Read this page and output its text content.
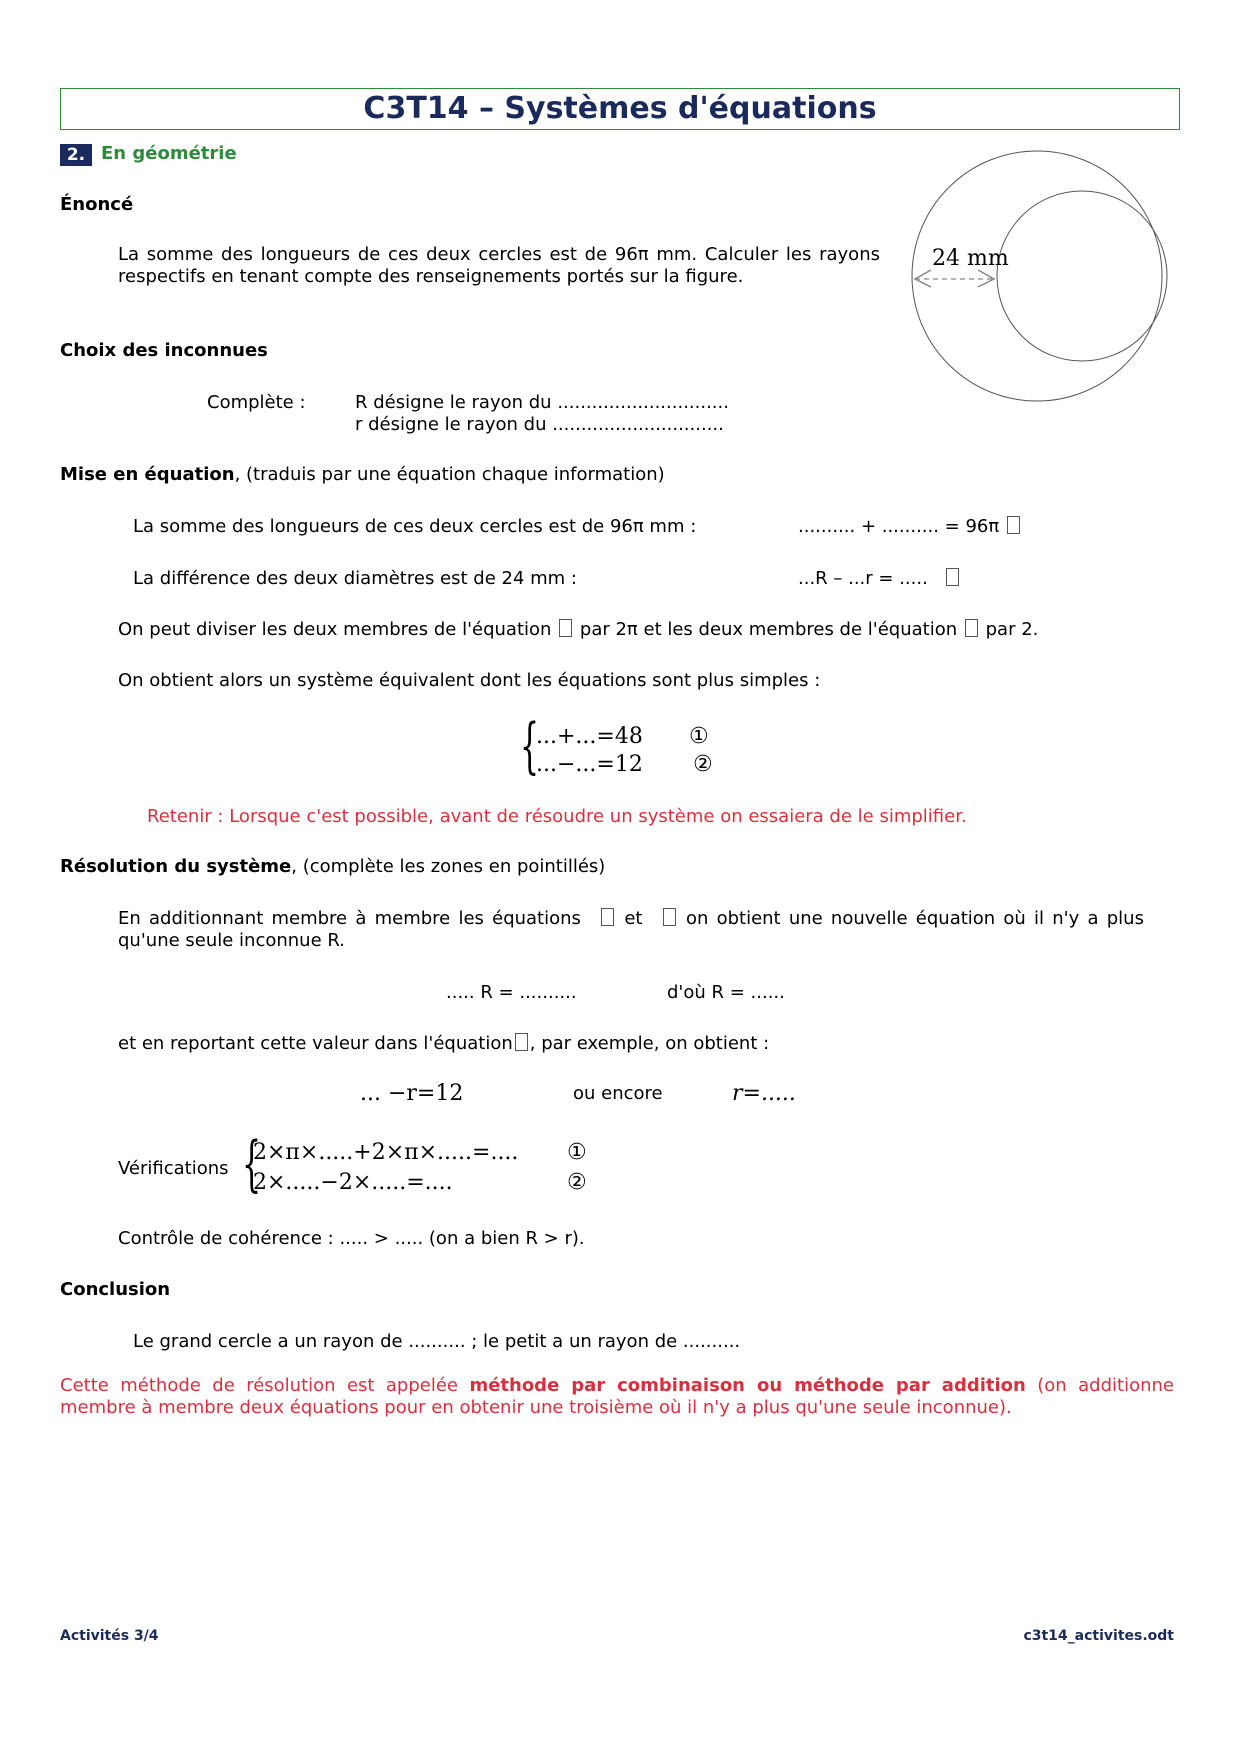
C3T14 – Systèmes d'équations
2. En géométrie
Énoncé
La somme des longueurs de ces deux cercles est de 96π mm. Calculer les rayons respectifs en tenant compte des renseignements portés sur la figure.
24 mm
Choix des inconnues
Complète :	R désigne le rayon du ..............................
r désigne le rayon du ..............................
Mise en équation, (traduis par une équation chaque information)
La somme des longueurs de ces deux cercles est de 96π mm :	.......... + .......... = 96π
La différence des deux diamètres est de 24 mm :	...R – ...r = .....
On peut diviser les deux membres de l'équation par 2π et les deux membres de l'équation par 2.
On obtient alors un système équivalent dont les équations sont plus simples :
{
...+...=48
...−...=12
①
②
Retenir : Lorsque c'est possible, avant de résoudre un système on essaiera de le simplifier.
Résolution du système, (complète les zones en pointillés)
En additionnant membre à membre les équations et on obtient une nouvelle équation où il n'y a plus qu'une seule inconnue R.
..... R = ..........	d'où R = ......
et en reportant cette valeur dans l'équation , par exemple, on obtient :
... −r=12	ou encore	r=.....
Vérifications {
2×π×.....+2×π×.....=....
2×.....−2×.....=....
①
②
Contrôle de cohérence : ..... > ..... (on a bien R > r).
Conclusion
Le grand cercle a un rayon de .......... ; le petit a un rayon de ..........
Cette méthode de résolution est appelée méthode par combinaison ou méthode par addition (on additionne membre à membre deux équations pour en obtenir une troisième où il n'y a plus qu'une seule inconnue).
Activités 3/4	c3t14_activites.odt
